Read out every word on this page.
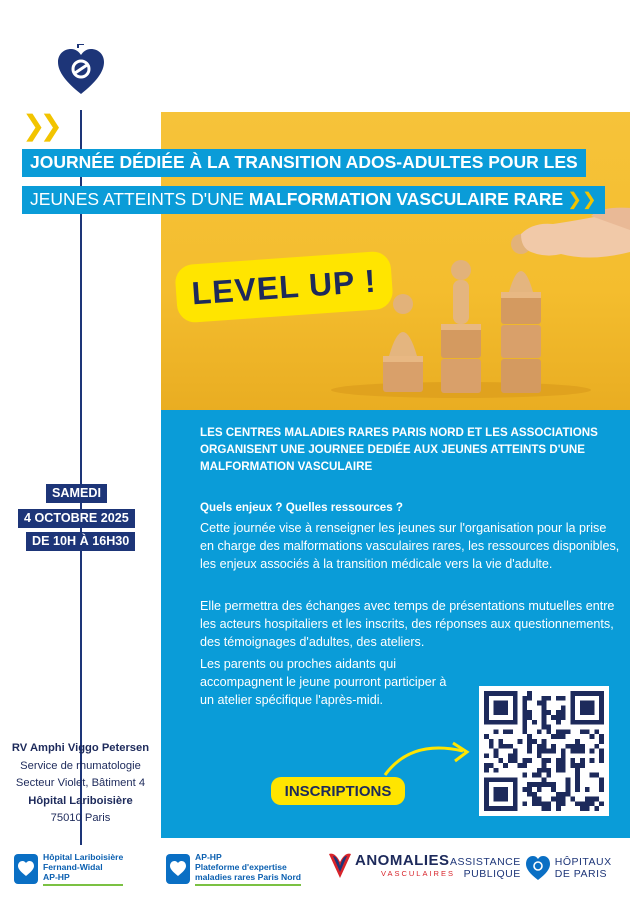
❯❯
JOURNÉE DÉDIÉE À LA TRANSITION ADOS-ADULTES POUR LES
JEUNES ATTEINTS D'UNE MALFORMATION VASCULAIRE RARE ❯❯
LEVEL UP !
LES CENTRES MALADIES RARES PARIS NORD ET LES ASSOCIATIONS ORGANISENT UNE JOURNEE DEDIÉE AUX JEUNES ATTEINTS D'UNE MALFORMATION VASCULAIRE
Quels enjeux ? Quelles ressources ?
Cette journée vise à renseigner les jeunes sur l'organisation pour la prise en charge des malformations vasculaires rares, les ressources disponibles, les enjeux associés à la transition médicale vers la vie d'adulte.
Elle permettra des échanges avec temps de présentations mutuelles entre les acteurs hospitaliers et les inscrits, des réponses aux questionnements, des témoignages d'adultes, des ateliers.
Les parents ou proches aidants qui accompagnent le jeune pourront participer à un atelier spécifique l'après-midi.
INSCRIPTIONS
SAMEDI
4 OCTOBRE 2025
DE 10H À 16H30
RV Amphi Viggo Petersen
Service de rhumatologie
Secteur Violet, Bâtiment 4
Hôpital Lariboisière
75010 Paris
Hôpital Lariboisière
Fernand-Widal
AP-HP
AP-HP
Plateforme d'expertise
maladies rares Paris Nord
ANOMALIES
VASCULAIRES
ASSISTANCE
PUBLIQUE
HÔPITAUX
DE PARIS
